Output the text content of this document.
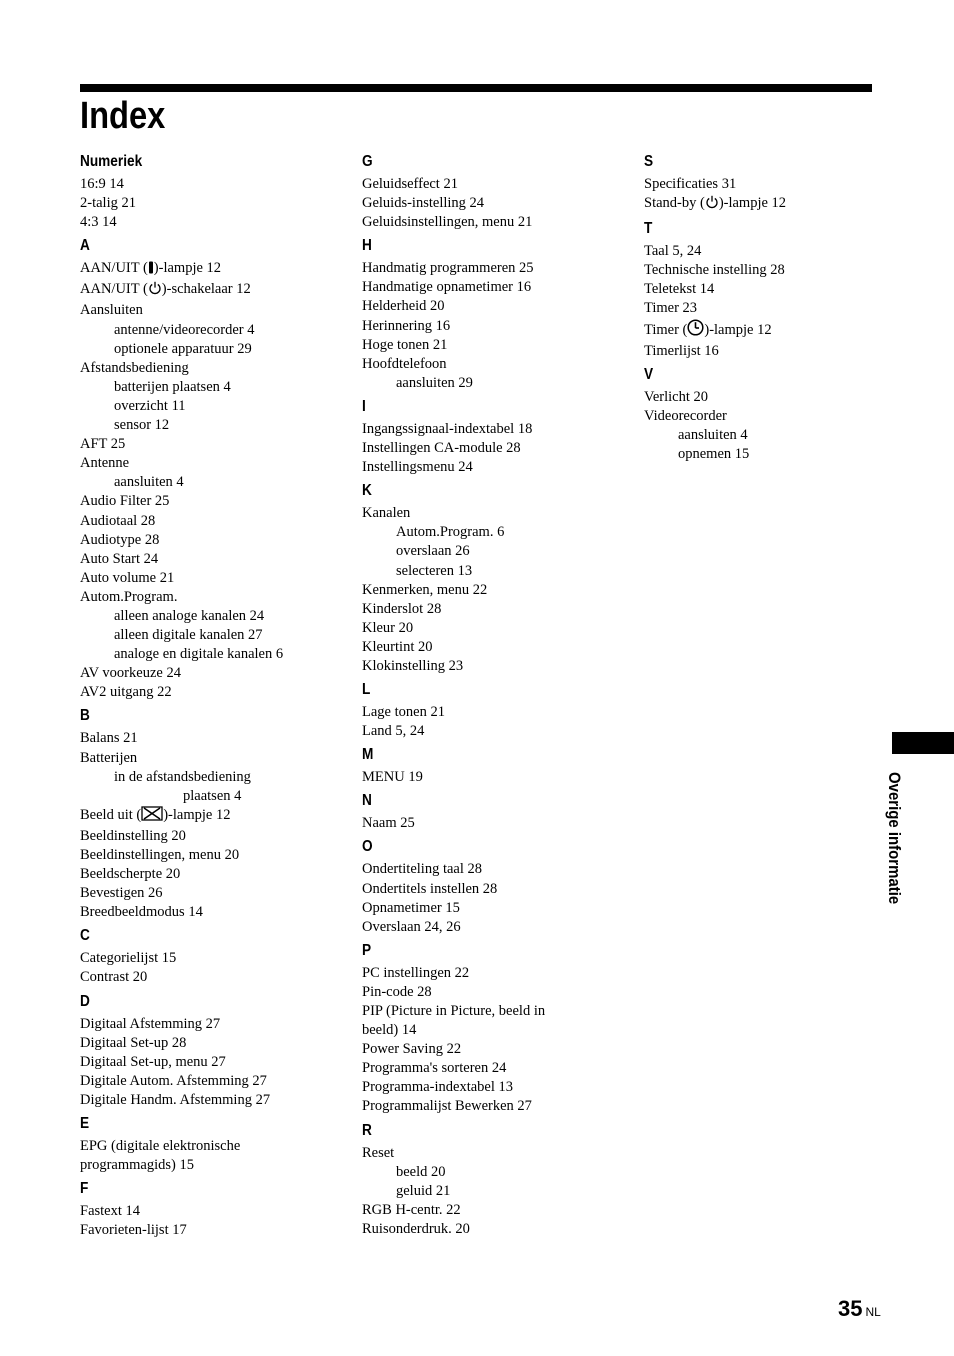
Index
Numeriek
16:9 14
2-talig 21
4:3 14
A
AAN/UIT ( )-lampje 12
AAN/UIT ( )-schakelaar 12
Aansluiten
antenne/videorecorder 4
optionele apparatuur 29
Afstandsbediening
batterijen plaatsen 4
overzicht 11
sensor 12
AFT 25
Antenne
aansluiten 4
Audio Filter 25
Audiotaal 28
Audiotype 28
Auto Start 24
Auto volume 21
Autom.Program.
alleen analoge kanalen 24
alleen digitale kanalen 27
analoge en digitale kanalen 6
AV voorkeuze 24
AV2 uitgang 22
B
Balans 21
Batterijen
in de afstandsbediening
plaatsen 4
Beeld uit ( )-lampje 12
Beeldinstelling 20
Beeldinstellingen, menu 20
Beeldscherpte 20
Bevestigen 26
Breedbeeldmodus 14
C
Categorielijst 15
Contrast 20
D
Digitaal Afstemming 27
Digitaal Set-up 28
Digitaal Set-up, menu 27
Digitale Autom. Afstemming 27
Digitale Handm. Afstemming 27
E
EPG (digitale elektronische
programmagids) 15
F
Fastext 14
Favorieten-lijst 17
G
Geluidseffect 21
Geluids-instelling 24
Geluidsinstellingen, menu 21
H
Handmatig programmeren 25
Handmatige opnametimer 16
Helderheid 20
Herinnering 16
Hoge tonen 21
Hoofdtelefoon
aansluiten 29
I
Ingangssignaal-indextabel 18
Instellingen CA-module 28
Instellingsmenu 24
K
Kanalen
Autom.Program. 6
overslaan 26
selecteren 13
Kenmerken, menu 22
Kinderslot 28
Kleur 20
Kleurtint 20
Klokinstelling 23
L
Lage tonen 21
Land 5, 24
M
MENU 19
N
Naam 25
O
Ondertiteling taal 28
Ondertitels instellen 28
Opnametimer 15
Overslaan 24, 26
P
PC instellingen 22
Pin-code 28
PIP (Picture in Picture, beeld in
beeld) 14
Power Saving 22
Programma's sorteren 24
Programma-indextabel 13
Programmalijst Bewerken 27
R
Reset
beeld 20
geluid 21
RGB H-centr. 22
Ruisonderdruk. 20
S
Specificaties 31
Stand-by ( )-lampje 12
T
Taal 5, 24
Technische instelling 28
Teletekst 14
Timer 23
Timer ( )-lampje 12
Timerlijst 16
V
Verlicht 20
Videorecorder
aansluiten 4
opnemen 15
Overige informatie
35 NL
